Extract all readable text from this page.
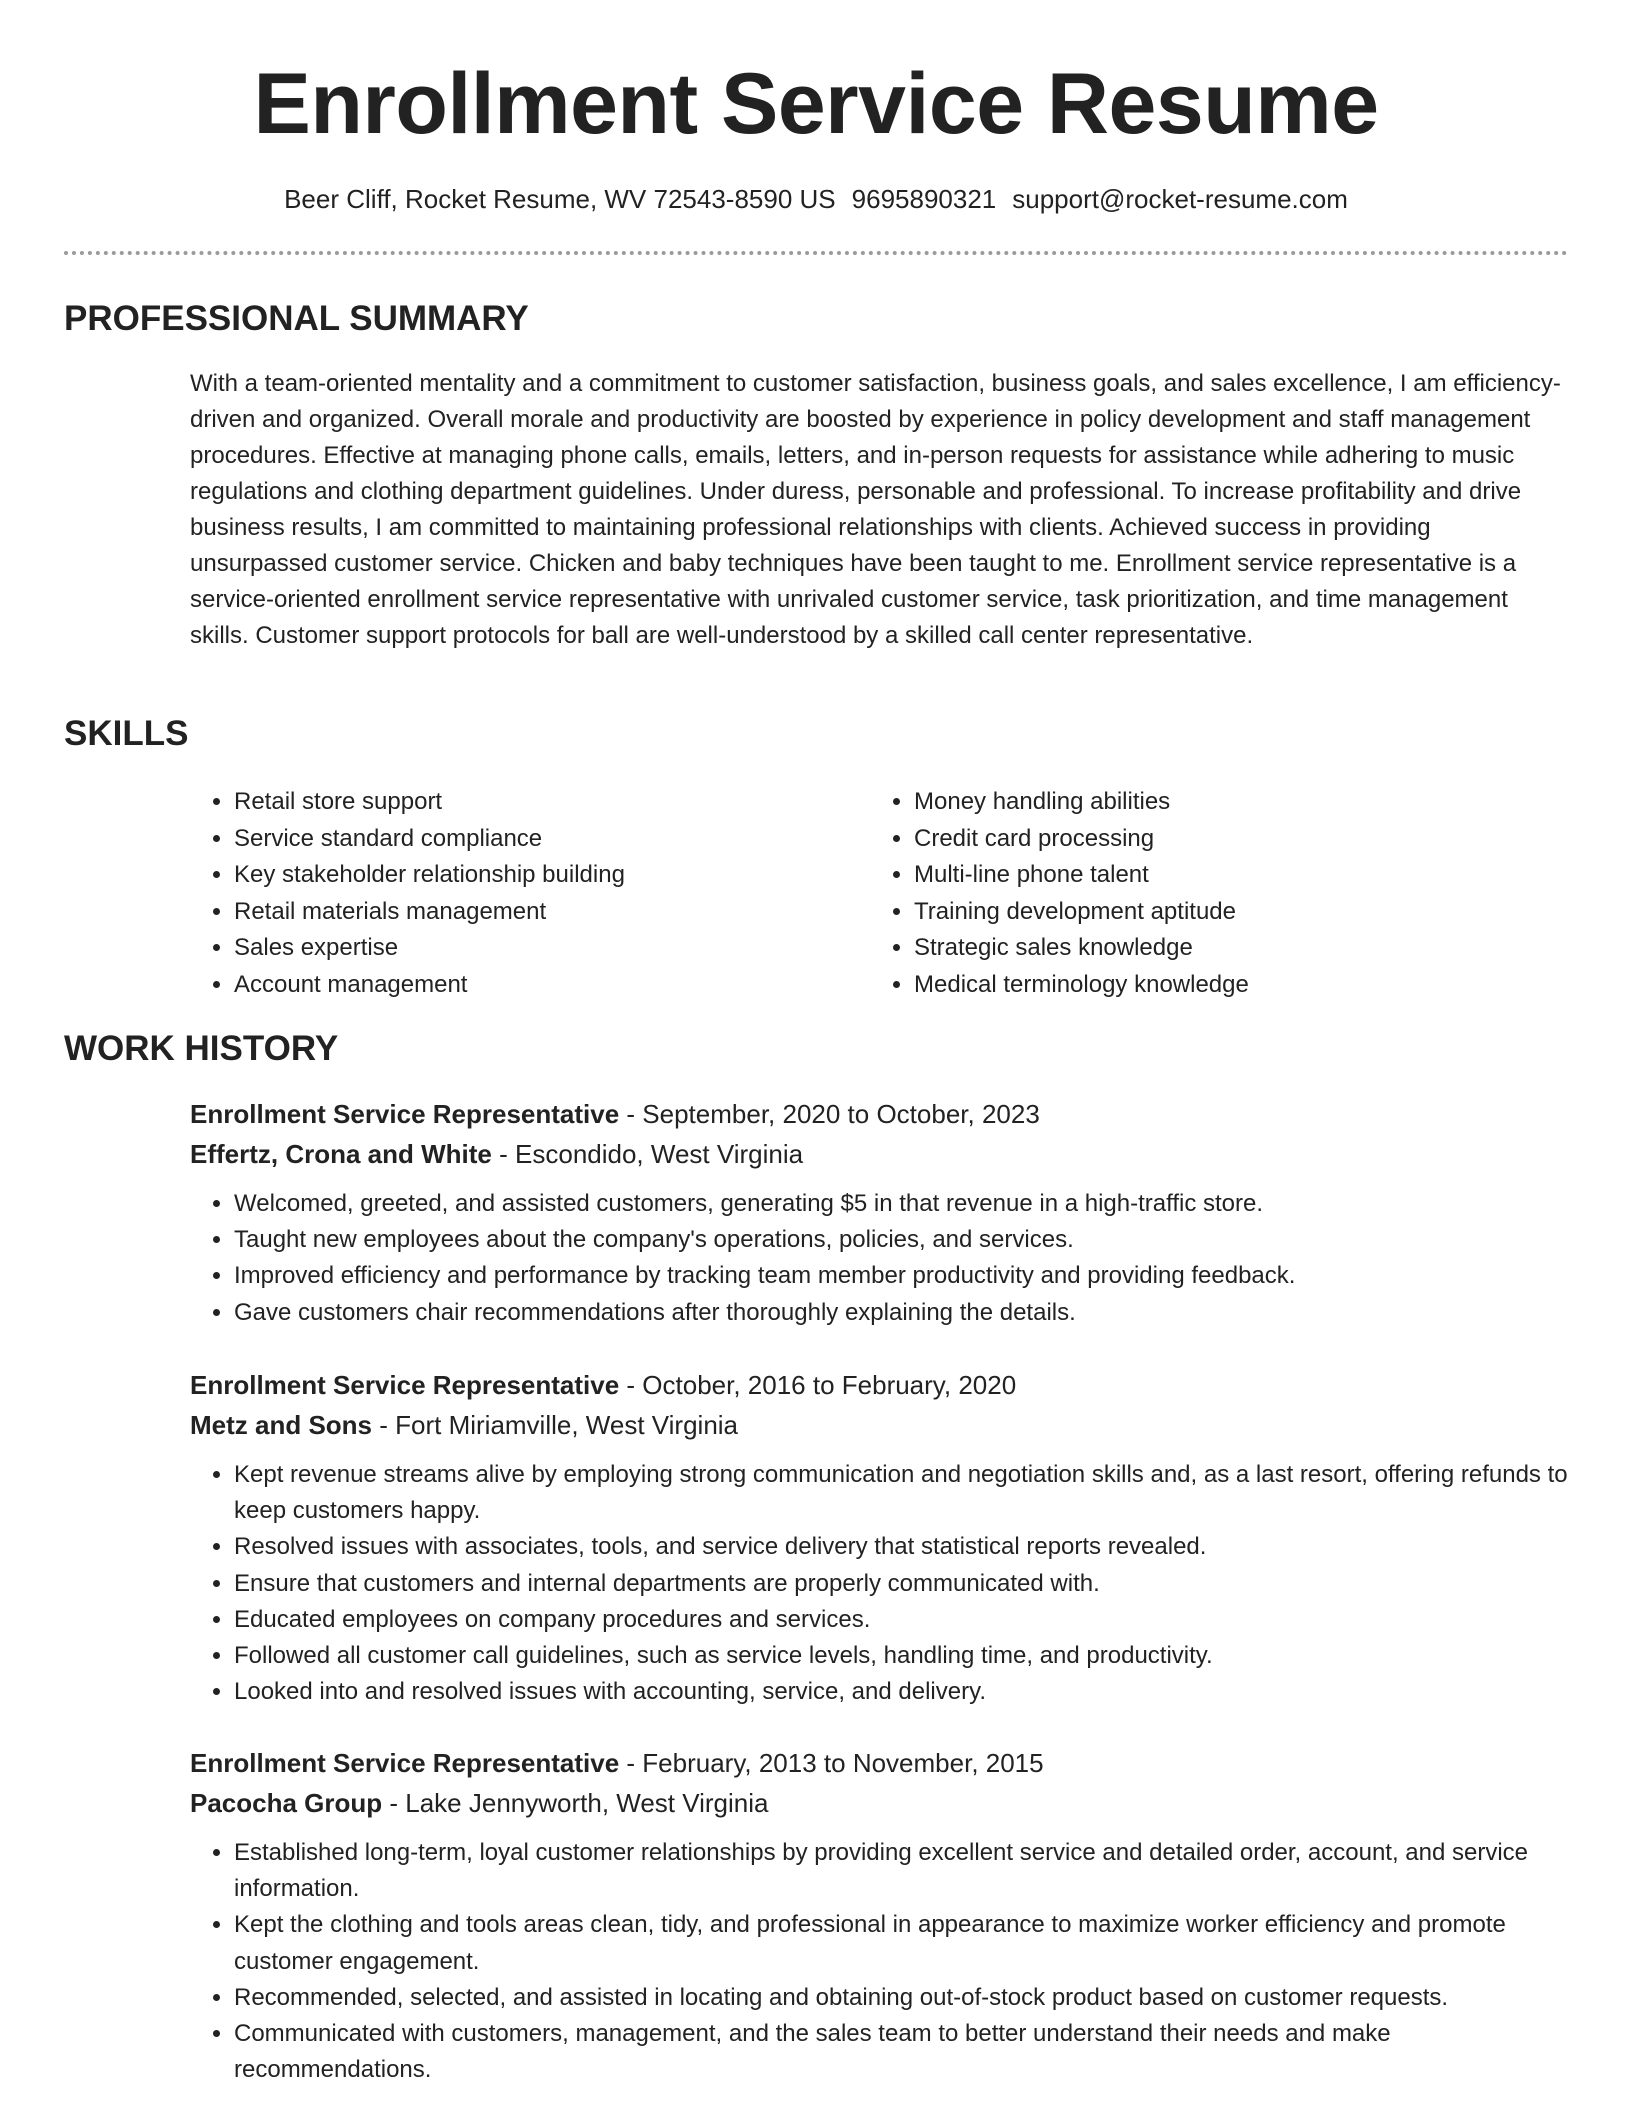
Enrollment Service Resume
Beer Cliff, Rocket Resume, WV 72543-8590 US 9695890321 support@rocket-resume.com
PROFESSIONAL SUMMARY

With a team-oriented mentality and a commitment to customer satisfaction, business goals, and sales excellence, I am efficiency-driven and organized. Overall morale and productivity are boosted by experience in policy development and staff management procedures. Effective at managing phone calls, emails, letters, and in-person requests for assistance while adhering to music regulations and clothing department guidelines. Under duress, personable and professional. To increase profitability and drive business results, I am committed to maintaining professional relationships with clients. Achieved success in providing unsurpassed customer service. Chicken and baby techniques have been taught to me. Enrollment service representative is a service-oriented enrollment service representative with unrivaled customer service, task prioritization, and time management skills. Customer support protocols for ball are well-understood by a skilled call center representative.

SKILLS
• Retail store support
• Service standard compliance
• Key stakeholder relationship building
• Retail materials management
• Sales expertise
• Account management
• Money handling abilities
• Credit card processing
• Multi-line phone talent
• Training development aptitude
• Strategic sales knowledge
• Medical terminology knowledge
WORK HISTORY

Enrollment Service Representative - September, 2020 to October, 2023

Effertz, Crona and White - Escondido, West Virginia

• Welcomed, greeted, and assisted customers, generating $5 in that revenue in a high-traffic store.
• Taught new employees about the company's operations, policies, and services.
• Improved efficiency and performance by tracking team member productivity and providing feedback.
• Gave customers chair recommendations after thoroughly explaining the details.

Enrollment Service Representative - October, 2016 to February, 2020

Metz and Sons - Fort Miriamville, West Virginia

• Kept revenue streams alive by employing strong communication and negotiation skills and, as a last resort, offering refunds to keep customers happy.
• Resolved issues with associates, tools, and service delivery that statistical reports revealed.
• Ensure that customers and internal departments are properly communicated with.
• Educated employees on company procedures and services.
• Followed all customer call guidelines, such as service levels, handling time, and productivity.
• Looked into and resolved issues with accounting, service, and delivery.

Enrollment Service Representative - February, 2013 to November, 2015

Pacocha Group - Lake Jennyworth, West Virginia

• Established long-term, loyal customer relationships by providing excellent service and detailed order, account, and service information.
• Kept the clothing and tools areas clean, tidy, and professional in appearance to maximize worker efficiency and promote customer engagement.
• Recommended, selected, and assisted in locating and obtaining out-of-stock product based on customer requests.
• Communicated with customers, management, and the sales team to better understand their needs and make recommendations.
